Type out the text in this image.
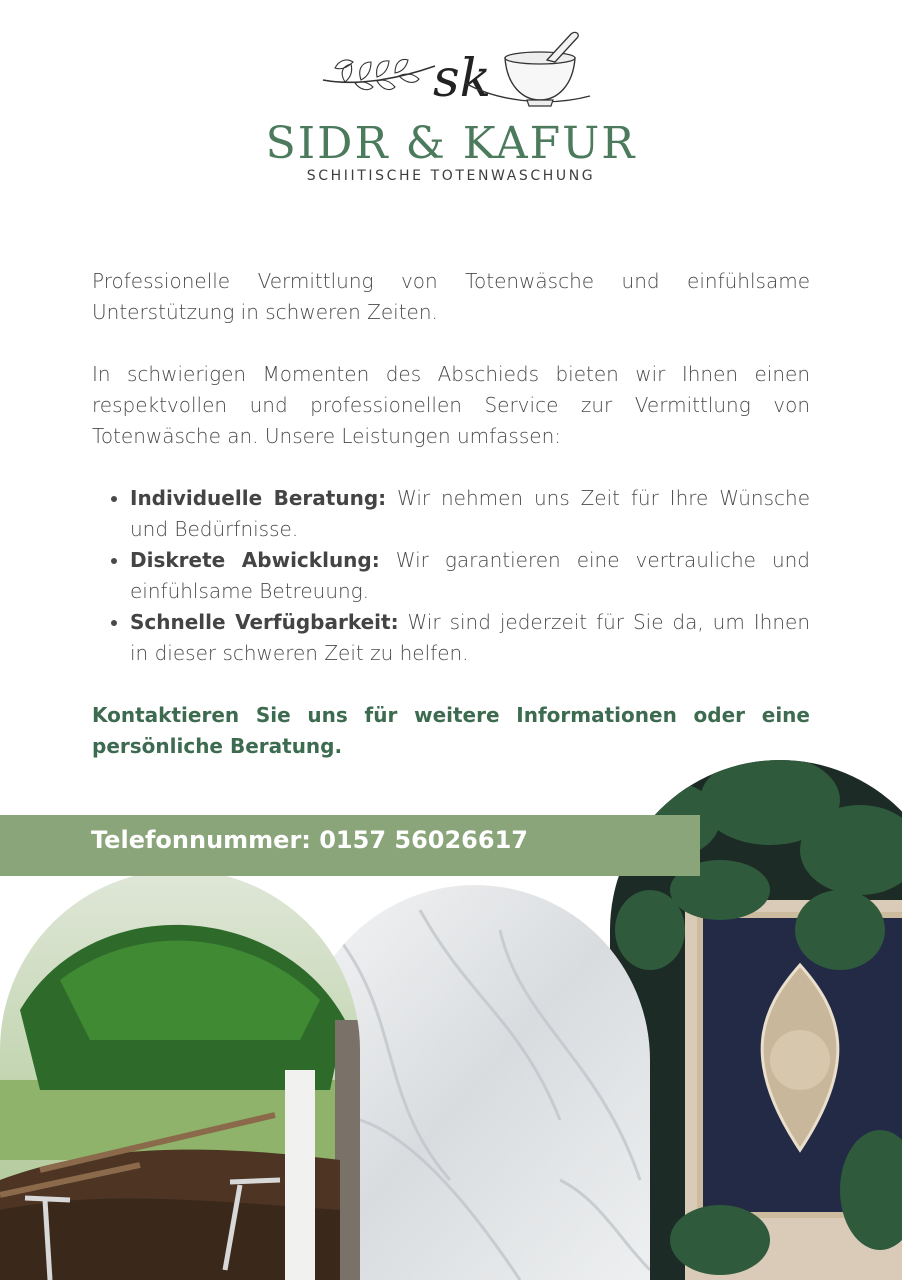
sk
SIDR & KAFUR
SCHIITISCHE TOTENWASCHUNG

Professionelle Vermittlung von Totenwäsche und einfühlsame Unterstützung in schweren Zeiten.

In schwierigen Momenten des Abschieds bieten wir Ihnen einen respektvollen und professionellen Service zur Vermittlung von Totenwäsche an. Unsere Leistungen umfassen:

• Individuelle Beratung: Wir nehmen uns Zeit für Ihre Wünsche und Bedürfnisse.
• Diskrete Abwicklung: Wir garantieren eine vertrauliche und einfühlsame Betreuung.
• Schnelle Verfügbarkeit: Wir sind jederzeit für Sie da, um Ihnen in dieser schweren Zeit zu helfen.

Kontaktieren Sie uns für weitere Informationen oder eine persönliche Beratung.

Telefonnummer: 0157 56026617
